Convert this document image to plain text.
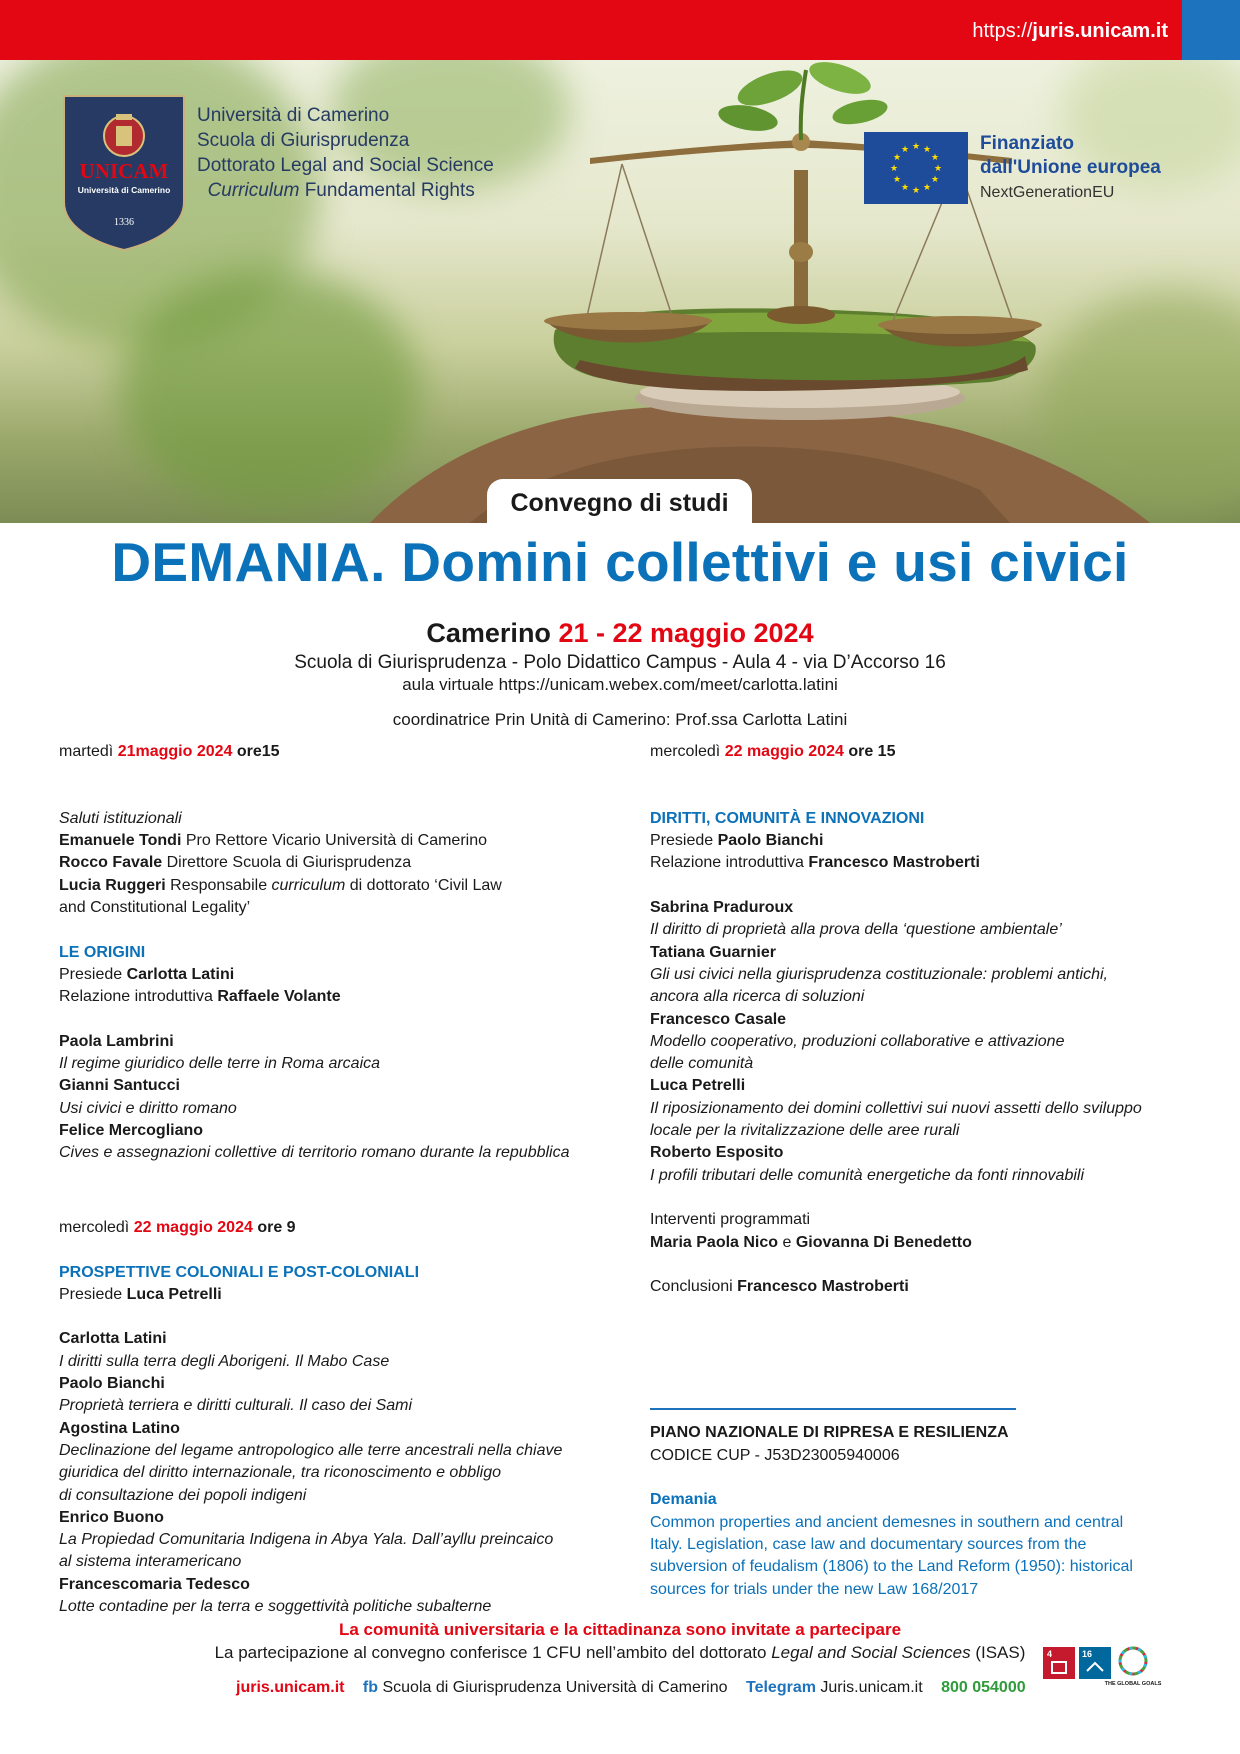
https://juris.unicam.it
UNICAM
Università di Camerino
1336
Università di Camerino
Scuola di Giurisprudenza
Dottorato Legal and Social Science
Curriculum Fundamental Rights
★ ★
★
★
★
★
★
★
★
★
★
★	Finanziato
dall'Unione europea
NextGenerationEU
Convegno di studi
DEMANIA. Domini collettivi e usi civici
Camerino 21 - 22 maggio 2024
Scuola di Giurisprudenza - Polo Didattico Campus - Aula 4 - via D’Accorso 16
aula virtuale https://unicam.webex.com/meet/carlotta.latini
coordinatrice Prin Unità di Camerino: Prof.ssa Carlotta Latini
martedì 21maggio 2024 ore15
Saluti istituzionali
Emanuele Tondi Pro Rettore Vicario Università di Camerino
Rocco Favale Direttore Scuola di Giurisprudenza
Lucia Ruggeri Responsabile curriculum di dottorato ‘Civil Law
and Constitutional Legality’
LE ORIGINI
Presiede Carlotta Latini
Relazione introduttiva Raffaele Volante
Paola Lambrini
Il regime giuridico delle terre in Roma arcaica
Gianni Santucci
Usi civici e diritto romano
Felice Mercogliano
Cives e assegnazioni collettive di territorio romano durante la repubblica
mercoledì 22 maggio 2024 ore 9
PROSPETTIVE COLONIALI E POST-COLONIALI
Presiede Luca Petrelli
Carlotta Latini
I diritti sulla terra degli Aborigeni. Il Mabo Case
Paolo Bianchi
Proprietà terriera e diritti culturali. Il caso dei Sami
Agostina Latino
Declinazione del legame antropologico alle terre ancestrali nella chiave
giuridica del diritto internazionale, tra riconoscimento e obbligo
di consultazione dei popoli indigeni
Enrico Buono
La Propiedad Comunitaria Indigena in Abya Yala. Dall’ayllu preincaico
al sistema interamericano
Francescomaria Tedesco
Lotte contadine per la terra e soggettività politiche subalterne
mercoledì 22 maggio 2024 ore 15
DIRITTI, COMUNITÀ E INNOVAZIONI
Presiede Paolo Bianchi
Relazione introduttiva Francesco Mastroberti
Sabrina Praduroux
Il diritto di proprietà alla prova della ‘questione ambientale’
Tatiana Guarnier
Gli usi civici nella giurisprudenza costituzionale: problemi antichi,
ancora alla ricerca di soluzioni
Francesco Casale
Modello cooperativo, produzioni collaborative e attivazione
delle comunità
Luca Petrelli
Il riposizionamento dei domini collettivi sui nuovi assetti dello sviluppo
locale per la rivitalizzazione delle aree rurali
Roberto Esposito
I profili tributari delle comunità energetiche da fonti rinnovabili
Interventi programmati
Maria Paola Nico e Giovanna Di Benedetto
Conclusioni Francesco Mastroberti
PIANO NAZIONALE DI RIPRESA E RESILIENZA
CODICE CUP - J53D23005940006
Demania
Common properties and ancient demesnes in southern and central
Italy. Legislation, case law and documentary sources from the
subversion of feudalism (1806) to the Land Reform (1950): historical
sources for trials under the new Law 168/2017
La comunità universitaria e la cittadinanza sono invitate a partecipare
La partecipazione al convegno conferisce 1 CFU nell’ambito del dottorato Legal and Social Sciences (ISAS)
juris.unicam.it fb Scuola di Giurisprudenza Università di Camerino Telegram Juris.unicam.it 800 054000
4	16
THE GLOBAL GOALS
